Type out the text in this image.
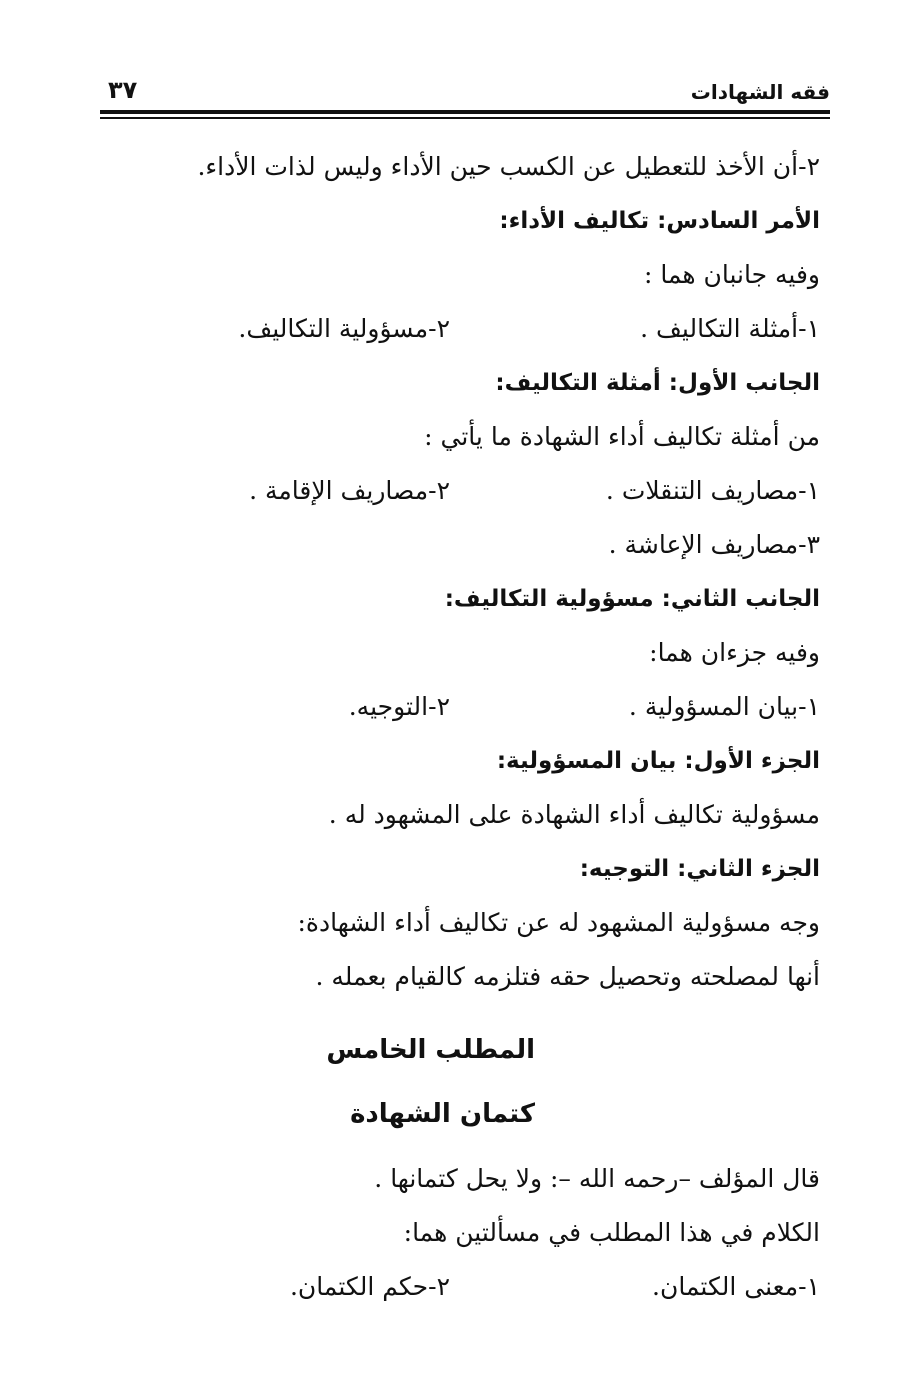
فقه الشهادات
٣٧
٢-أن الأخذ للتعطيل عن الكسب حين الأداء وليس لذات الأداء.
الأمر السادس: تكاليف الأداء:
وفيه جانبان هما :
١-أمثلة التكاليف .
٢-مسؤولية التكاليف.
الجانب الأول: أمثلة التكاليف:
من أمثلة تكاليف أداء الشهادة ما يأتي :
١-مصاريف التنقلات .
٢-مصاريف الإقامة .
٣-مصاريف الإعاشة .
الجانب الثاني: مسؤولية التكاليف:
وفيه جزءان هما:
١-بيان المسؤولية .
٢-التوجيه.
الجزء الأول: بيان المسؤولية:
مسؤولية تكاليف أداء الشهادة على المشهود له .
الجزء الثاني: التوجيه:
وجه مسؤولية المشهود له عن تكاليف أداء الشهادة:
أنها لمصلحته وتحصيل حقه فتلزمه كالقيام بعمله .
المطلب الخامس
كتمان الشهادة
قال المؤلف –رحمه الله –: ولا يحل كتمانها .
الكلام في هذا المطلب في مسألتين هما:
١-معنى الكتمان.
٢-حكم الكتمان.
